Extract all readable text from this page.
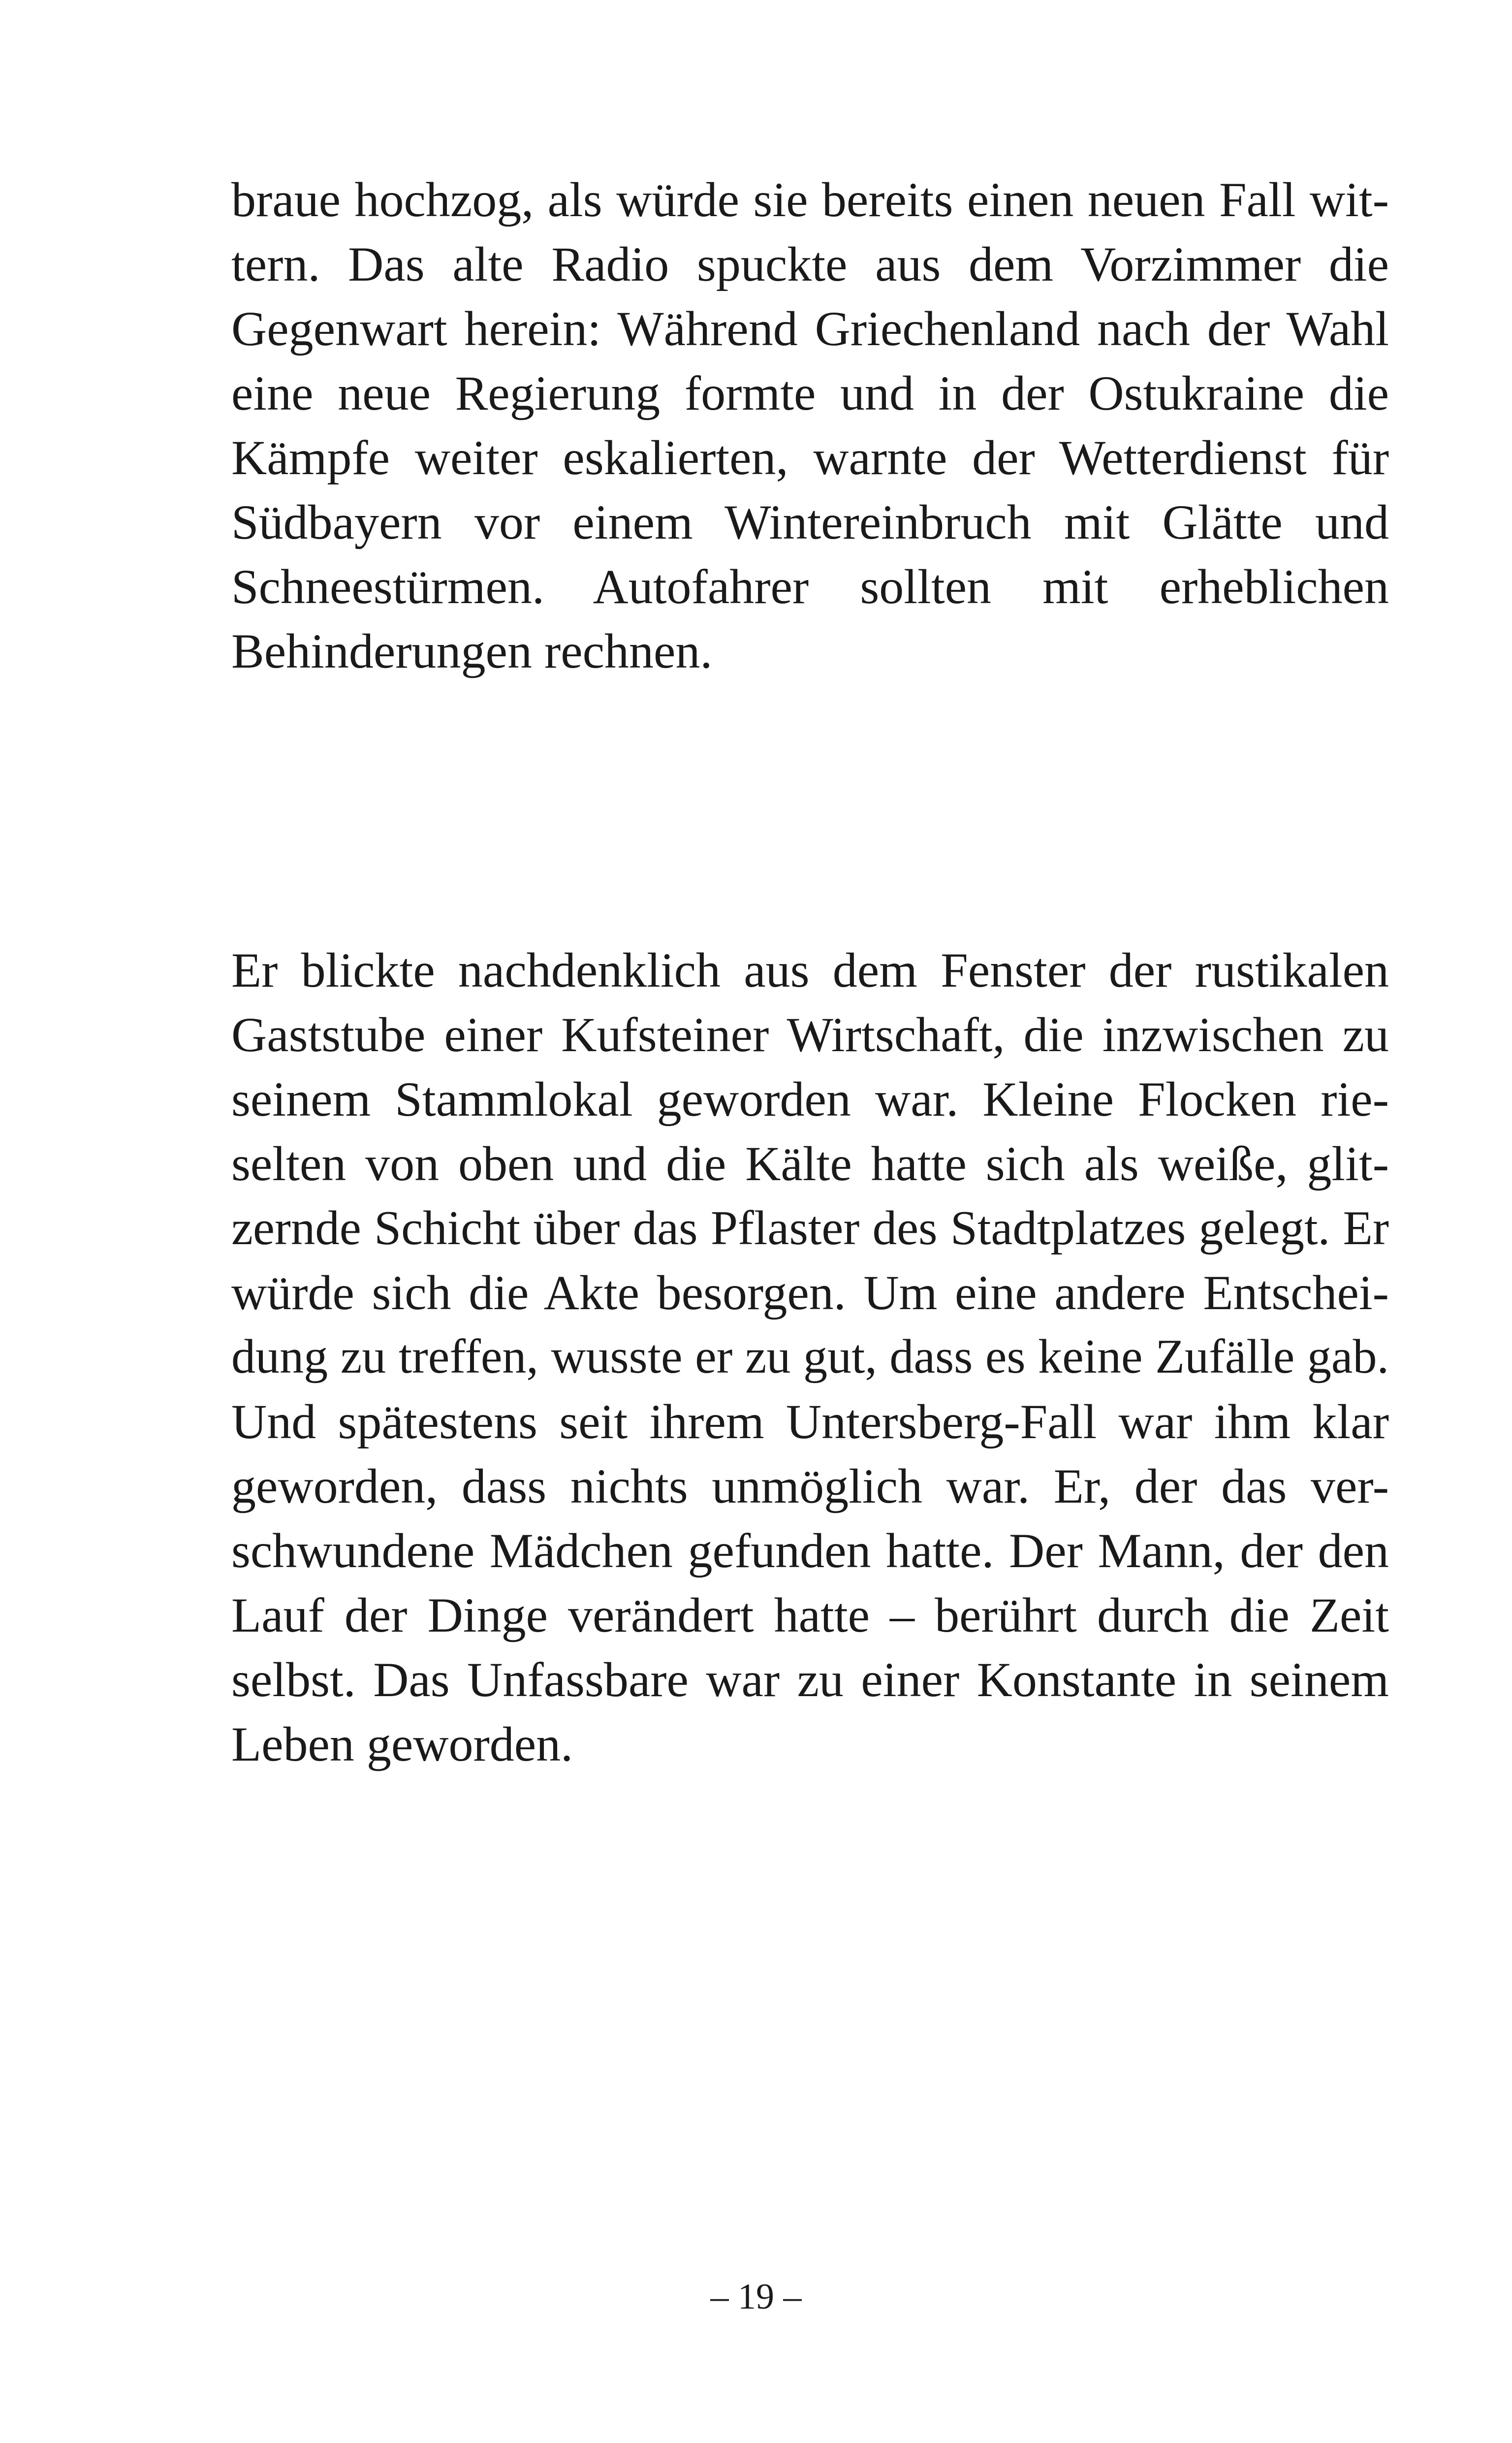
braue hochzog, als würde sie bereits einen neuen Fall wit-
tern. Das alte Radio spuckte aus dem Vorzimmer die
Gegenwart herein: Während Griechenland nach der Wahl
eine neue Regierung formte und in der Ostukraine die
Kämpfe weiter eskalierten, warnte der Wetterdienst für
Südbayern vor einem Wintereinbruch mit Glätte und
Schneestürmen. Autofahrer sollten mit erheblichen
Behinderungen rechnen.

Er blickte nachdenklich aus dem Fenster der rustikalen
Gaststube einer Kufsteiner Wirtschaft, die inzwischen zu
seinem Stammlokal geworden war. Kleine Flocken rie-
selten von oben und die Kälte hatte sich als weiße, glit-
zernde Schicht über das Pflaster des Stadtplatzes gelegt. Er
würde sich die Akte besorgen. Um eine andere Entschei-
dung zu treffen, wusste er zu gut, dass es keine Zufälle gab.
Und spätestens seit ihrem Untersberg-Fall war ihm klar
geworden, dass nichts unmöglich war. Er, der das ver-
schwundene Mädchen gefunden hatte. Der Mann, der den
Lauf der Dinge verändert hatte – berührt durch die Zeit
selbst. Das Unfassbare war zu einer Konstante in seinem
Leben geworden.

– 19 –
